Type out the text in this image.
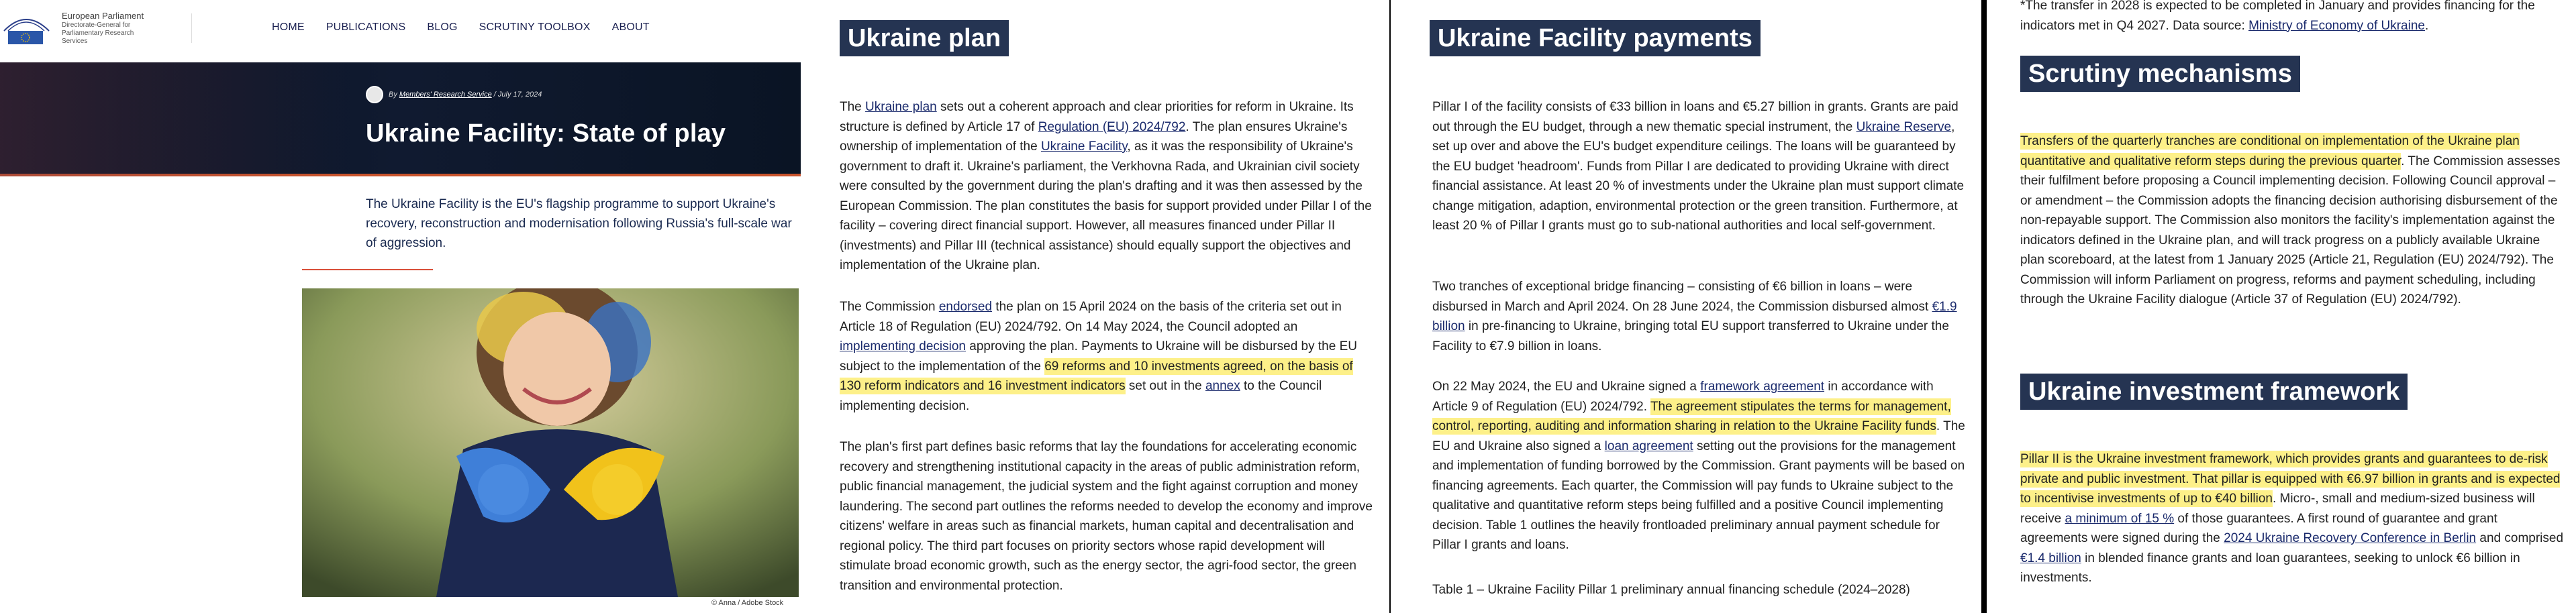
European Parliament
Directorate-General for
Parliamentary Research
Services
HOME PUBLICATIONS BLOG SCRUTINY TOOLBOX ABOUT
By Members' Research Service / July 17, 2024
Ukraine Facility: State of play

The Ukraine Facility is the EU's flagship programme to support Ukraine's recovery, reconstruction and modernisation following Russia's full-scale war of aggression.

© Anna / Adobe Stock
Ukraine plan

The Ukraine plan sets out a coherent approach and clear priorities for reform in Ukraine. Its structure is defined by Article 17 of Regulation (EU) 2024/792. The plan ensures Ukraine's ownership of implementation of the Ukraine Facility, as it was the responsibility of Ukraine's government to draft it. Ukraine's parliament, the Verkhovna Rada, and Ukrainian civil society were consulted by the government during the plan's drafting and it was then assessed by the European Commission. The plan constitutes the basis for support provided under Pillar I of the facility – covering direct financial support. However, all measures financed under Pillar II (investments) and Pillar III (technical assistance) should equally support the objectives and implementation of the Ukraine plan.

The Commission endorsed the plan on 15 April 2024 on the basis of the criteria set out in Article 18 of Regulation (EU) 2024/792. On 14 May 2024, the Council adopted an implementing decision approving the plan. Payments to Ukraine will be disbursed by the EU subject to the implementation of the 69 reforms and 10 investments agreed, on the basis of 130 reform indicators and 16 investment indicators set out in the annex to the Council implementing decision.

The plan's first part defines basic reforms that lay the foundations for accelerating economic recovery and strengthening institutional capacity in the areas of public administration reform, public financial management, the judicial system and the fight against corruption and money laundering. The second part outlines the reforms needed to develop the economy and improve citizens' welfare in areas such as financial markets, human capital and decentralisation and regional policy. The third part focuses on priority sectors whose rapid development will stimulate broad economic growth, such as the energy sector, the agri-food sector, the green transition and environmental protection.

Ukraine Facility payments

Pillar I of the facility consists of €33 billion in loans and €5.27 billion in grants. Grants are paid out through the EU budget, through a new thematic special instrument, the Ukraine Reserve, set up over and above the EU's budget expenditure ceilings. The loans will be guaranteed by the EU budget 'headroom'. Funds from Pillar I are dedicated to providing Ukraine with direct financial assistance. At least 20 % of investments under the Ukraine plan must support climate change mitigation, adaption, environmental protection or the green transition. Furthermore, at least 20 % of Pillar I grants must go to sub-national authorities and local self-government.

Two tranches of exceptional bridge financing – consisting of €6 billion in loans – were disbursed in March and April 2024. On 28 June 2024, the Commission disbursed almost €1.9 billion in pre-financing to Ukraine, bringing total EU support transferred to Ukraine under the Facility to €7.9 billion in loans.

On 22 May 2024, the EU and Ukraine signed a framework agreement in accordance with Article 9 of Regulation (EU) 2024/792. The agreement stipulates the terms for management, control, reporting, auditing and information sharing in relation to the Ukraine Facility funds. The EU and Ukraine also signed a loan agreement setting out the provisions for the management and implementation of funding borrowed by the Commission. Grant payments will be based on financing agreements. Each quarter, the Commission will pay funds to Ukraine subject to the qualitative and quantitative reform steps being fulfilled and a positive Council implementing decision. Table 1 outlines the heavily frontloaded preliminary annual payment schedule for Pillar I grants and loans.

Table 1 – Ukraine Facility Pillar 1 preliminary annual financing schedule (2024–2028)

*The transfer in 2028 is expected to be completed in January and provides financing for the indicators met in Q4 2027. Data source: Ministry of Economy of Ukraine.

Scrutiny mechanisms

Transfers of the quarterly tranches are conditional on implementation of the Ukraine plan quantitative and qualitative reform steps during the previous quarter. The Commission assesses their fulfilment before proposing a Council implementing decision. Following Council approval – or amendment – the Commission adopts the financing decision authorising disbursement of the non-repayable support. The Commission also monitors the facility's implementation against the indicators defined in the Ukraine plan, and will track progress on a publicly available Ukraine plan scoreboard, at the latest from 1 January 2025 (Article 21, Regulation (EU) 2024/792). The Commission will inform Parliament on progress, reforms and payment scheduling, including through the Ukraine Facility dialogue (Article 37 of Regulation (EU) 2024/792).

Ukraine investment framework

Pillar II is the Ukraine investment framework, which provides grants and guarantees to de-risk private and public investment. That pillar is equipped with €6.97 billion in grants and is expected to incentivise investments of up to €40 billion. Micro-, small and medium-sized business will receive a minimum of 15 % of those guarantees. A first round of guarantee and grant agreements were signed during the 2024 Ukraine Recovery Conference in Berlin and comprised €1.4 billion in blended finance grants and loan guarantees, seeking to unlock €6 billion in investments.
